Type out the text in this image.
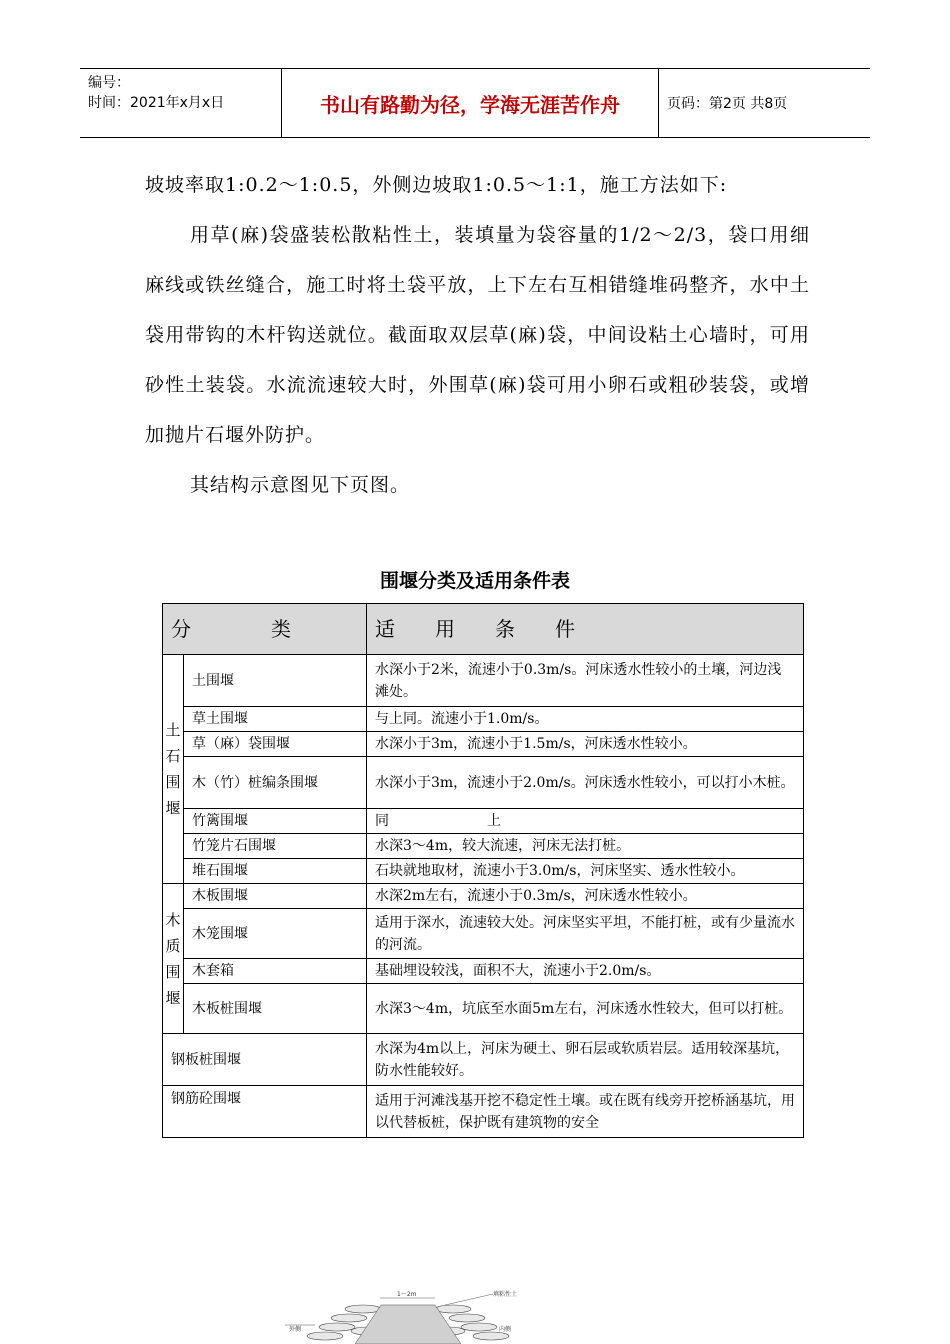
编号：
时间：2021年x月x日	书山有路勤为径，学海无涯苦作舟	页码：第2页 共8页
坡坡率取1:0.2～1:0.5，外侧边坡取1:0.5～1:1，施工方法如下:
用草(麻)袋盛装松散粘性土，装填量为袋容量的1/2～2/3，袋口用细麻线或铁丝缝合，施工时将土袋平放，上下左右互相错缝堆码整齐，水中土袋用带钩的木杆钩送就位。截面取双层草(麻)袋，中间设粘土心墙时，可用砂性土装袋。水流流速较大时，外围草(麻)袋可用小卵石或粗砂装袋，或增加抛片石堰外防护。
其结构示意图见下页图。
围堰分类及适用条件表
分　　　　类		适　　用　　条　　件

土
石
围
堰	土围堰	水深小于2米，流速小于0.3m/s。河床透水性较小的土壤，河边浅滩处。
	草土围堰	与上同。流速小于1.0m/s。
	草（麻）袋围堰	水深小于3m，流速小于1.5m/s，河床透水性较小。
	木（竹）桩编条围堰	水深小于3m，流速小于2.0m/s。河床透水性较小，可以打小木桩。
	竹篱围堰	同　　　　　　　上
	竹笼片石围堰	水深3～4m，较大流速，河床无法打桩。
	堆石围堰	石块就地取材，流速小于3.0m/s，河床坚实、透水性较小。

木
质
围
堰	木板围堰	水深2m左右，流速小于0.3m/s，河床透水性较小。
	木笼围堰	适用于深水，流速较大处。河床坚实平坦，不能打桩，或有少量流水的河流。
	木套箱	基础埋设较浅，面积不大，流速小于2.0m/s。
	木板桩围堰	水深3～4m，坑底至水面5m左右，河床透水性较大，但可以打桩。
钢板桩围堰		水深为4m以上，河床为硬土、卵石层或软质岩层。适用较深基坑，防水性能较好。
钢筋砼围堰		适用于河滩浅基开挖不稳定性土壤。或在既有线旁开挖桥涵基坑，用以代替板桩，保护既有建筑物的安全
1～2m	填粘性土
外侧	内侧
